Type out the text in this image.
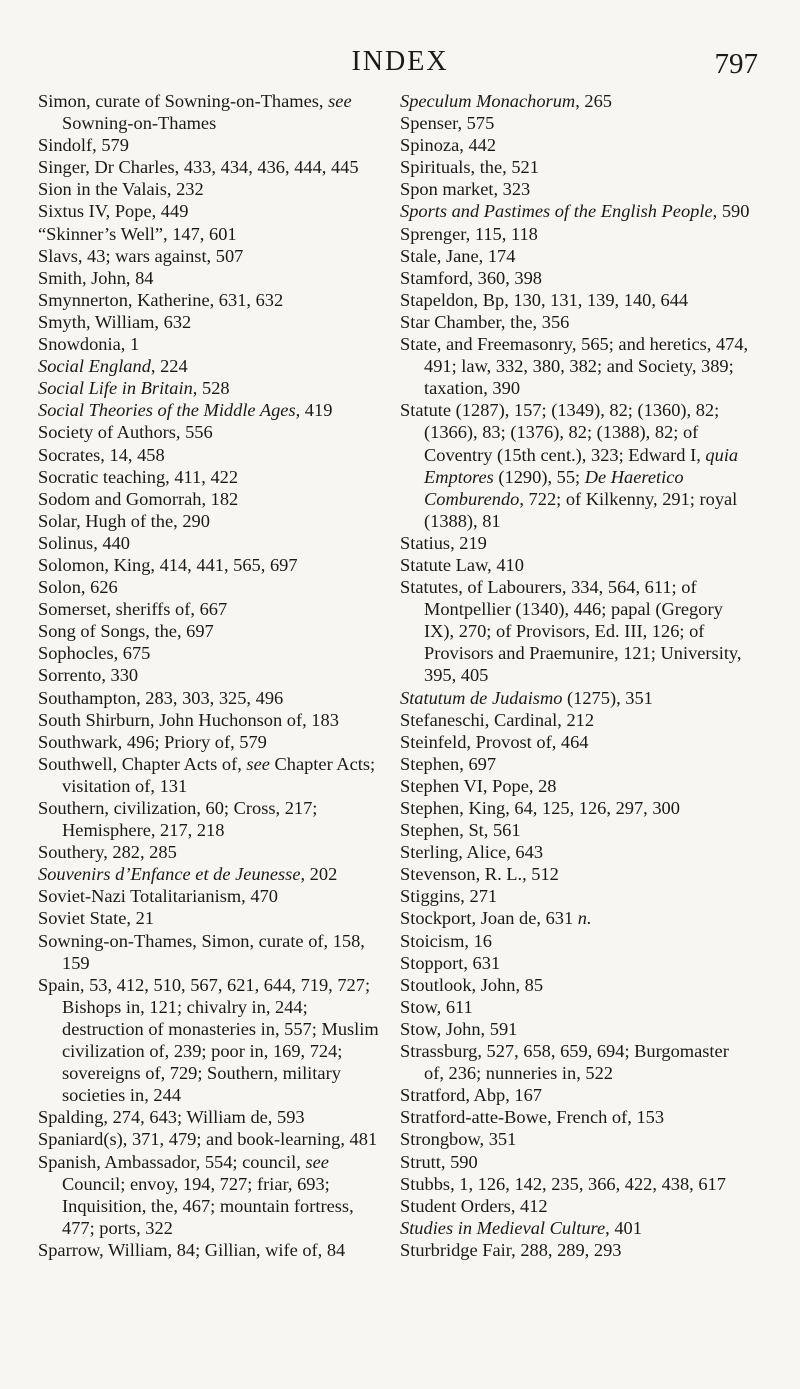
INDEX	797

Simon, curate of Sowning-on-Thames, see Sowning-on-Thames

Sindolf, 579

Singer, Dr Charles, 433, 434, 436, 444, 445

Sion in the Valais, 232

Sixtus IV, Pope, 449

“Skinner’s Well”, 147, 601

Slavs, 43; wars against, 507

Smith, John, 84

Smynnerton, Katherine, 631, 632

Smyth, William, 632

Snowdonia, 1

Social England, 224

Social Life in Britain, 528

Social Theories of the Middle Ages, 419

Society of Authors, 556

Socrates, 14, 458

Socratic teaching, 411, 422

Sodom and Gomorrah, 182

Solar, Hugh of the, 290

Solinus, 440

Solomon, King, 414, 441, 565, 697

Solon, 626

Somerset, sheriffs of, 667

Song of Songs, the, 697

Sophocles, 675

Sorrento, 330

Southampton, 283, 303, 325, 496

South Shirburn, John Huchonson of, 183

Southwark, 496; Priory of, 579

Southwell, Chapter Acts of, see Chapter Acts; visitation of, 131

Southern, civilization, 60; Cross, 217; Hemisphere, 217, 218

Southery, 282, 285

Souvenirs d’Enfance et de Jeunesse, 202

Soviet-Nazi Totalitarianism, 470

Soviet State, 21

Sowning-on-Thames, Simon, curate of, 158, 159

Spain, 53, 412, 510, 567, 621, 644, 719, 727; Bishops in, 121; chivalry in, 244; destruction of monasteries in, 557; Muslim civilization of, 239; poor in, 169, 724; sovereigns of, 729; Southern, military societies in, 244

Spalding, 274, 643; William de, 593

Spaniard(s), 371, 479; and book-learning, 481

Spanish, Ambassador, 554; council, see Council; envoy, 194, 727; friar, 693; Inquisition, the, 467; mountain fortress, 477; ports, 322

Sparrow, William, 84; Gillian, wife of, 84

Speculum Monachorum, 265

Spenser, 575

Spinoza, 442

Spirituals, the, 521

Spon market, 323

Sports and Pastimes of the English People, 590

Sprenger, 115, 118

Stale, Jane, 174

Stamford, 360, 398

Stapeldon, Bp, 130, 131, 139, 140, 644

Star Chamber, the, 356

State, and Freemasonry, 565; and heretics, 474, 491; law, 332, 380, 382; and Society, 389; taxation, 390

Statute (1287), 157; (1349), 82; (1360), 82; (1366), 83; (1376), 82; (1388), 82; of Coventry (15th cent.), 323; Edward I, quia Emptores (1290), 55; De Haeretico Comburendo, 722; of Kilkenny, 291; royal (1388), 81

Statius, 219

Statute Law, 410

Statutes, of Labourers, 334, 564, 611; of Montpellier (1340), 446; papal (Gregory IX), 270; of Provisors, Ed. III, 126; of Provisors and Praemunire, 121; University, 395, 405

Statutum de Judaismo (1275), 351

Stefaneschi, Cardinal, 212

Steinfeld, Provost of, 464

Stephen, 697

Stephen VI, Pope, 28

Stephen, King, 64, 125, 126, 297, 300

Stephen, St, 561

Sterling, Alice, 643

Stevenson, R. L., 512

Stiggins, 271

Stockport, Joan de, 631 n.

Stoicism, 16

Stopport, 631

Stoutlook, John, 85

Stow, 611

Stow, John, 591

Strassburg, 527, 658, 659, 694; Burgomaster of, 236; nunneries in, 522

Stratford, Abp, 167

Stratford-atte-Bowe, French of, 153

Strongbow, 351

Strutt, 590

Stubbs, 1, 126, 142, 235, 366, 422, 438, 617

Student Orders, 412

Studies in Medieval Culture, 401

Sturbridge Fair, 288, 289, 293
